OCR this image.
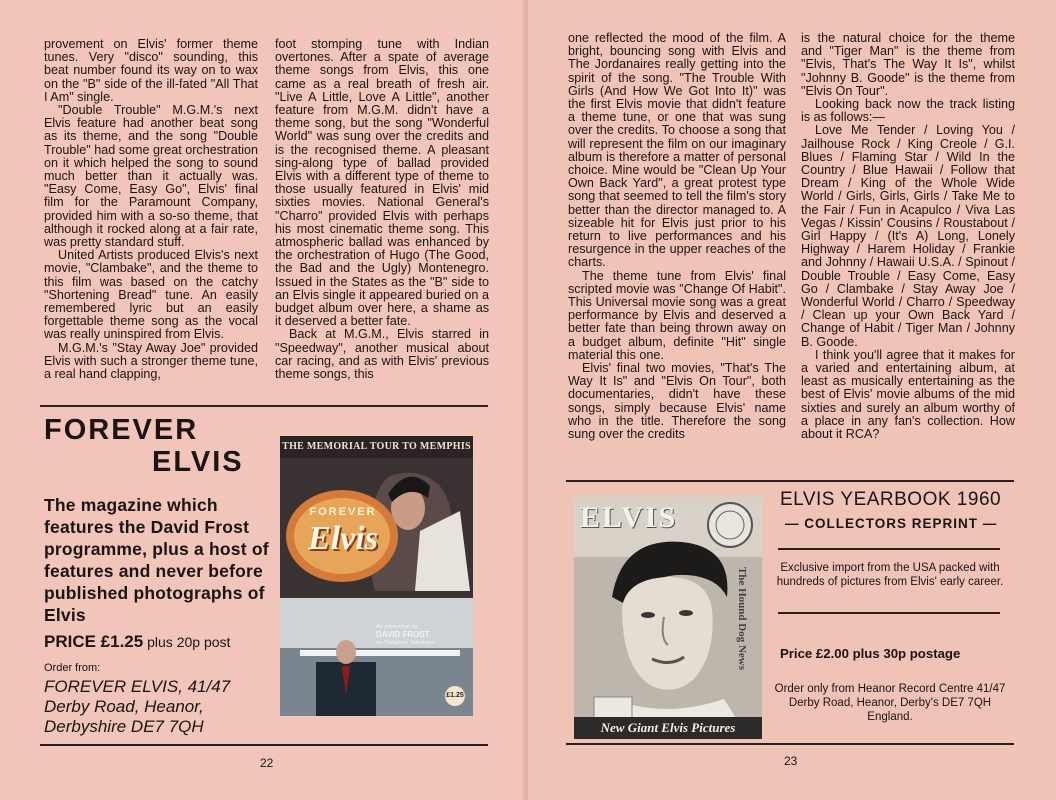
provement on Elvis' former theme tunes. Very "disco" sounding, this beat number found its way on to wax on the "B" side of the ill-fated "All That I Am" single.

"Double Trouble" M.G.M.'s next Elvis feature had another beat song as its theme, and the song "Double Trouble" had some great orchestration on it which helped the song to sound much better than it actually was. "Easy Come, Easy Go", Elvis' final film for the Paramount Company, provided him with a so-so theme, that although it rocked along at a fair rate, was pretty standard stuff.

United Artists produced Elvis's next movie, "Clambake", and the theme to this film was based on the catchy "Shortening Bread" tune. An easily remembered lyric but an easily forgettable theme song as the vocal was really uninspired from Elvis.

M.G.M.'s "Stay Away Joe" provided Elvis with such a stronger theme tune, a real hand clapping,

foot stomping tune with Indian overtones. After a spate of average theme songs from Elvis, this one came as a real breath of fresh air. "Live A Little, Love A Little", another feature from M.G.M. didn't have a theme song, but the song "Wonderful World" was sung over the credits and is the recognised theme. A pleasant sing-along type of ballad provided Elvis with a different type of theme to those usually featured in Elvis' mid sixties movies. National General's "Charro" provided Elvis with perhaps his most cinematic theme song. This atmospheric ballad was enhanced by the orchestration of Hugo (The Good, the Bad and the Ugly) Montenegro. Issued in the States as the "B" side to an Elvis single it appeared buried on a budget album over here, a shame as it deserved a better fate.

Back at M.G.M., Elvis starred in "Speedway", another musical about car racing, and as with Elvis' previous theme songs, this

FOREVER
ELVIS
The magazine which features the David Frost programme, plus a host of features and never before published photographs of Elvis
PRICE £1.25 plus 20p post
Order from:
FOREVER ELVIS, 41/47
Derby Road, Heanor,
Derbyshire DE7 7QH
THE MEMORIAL TOUR TO MEMPHIS
FOREVER
Elvis
As presented by
DAVID FROST
on Yorkshire Television
£1.25
22

one reflected the mood of the film. A bright, bouncing song with Elvis and The Jordanaires really getting into the spirit of the song. "The Trouble With Girls (And How We Got Into It)" was the first Elvis movie that didn't feature a theme tune, or one that was sung over the credits. To choose a song that will represent the film on our imaginary album is therefore a matter of personal choice. Mine would be "Clean Up Your Own Back Yard", a great protest type song that seemed to tell the film's story better than the director managed to. A sizeable hit for Elvis just prior to his return to live performances and his resurgence in the upper reaches of the charts.

The theme tune from Elvis' final scripted movie was "Change Of Habit". This Universal movie song was a great performance by Elvis and deserved a better fate than being thrown away on a budget album, definite "Hit" single material this one.

Elvis' final two movies, "That's The Way It Is" and "Elvis On Tour", both documentaries, didn't have these songs, simply because Elvis' name who in the title. Therefore the song sung over the credits

is the natural choice for the theme and "Tiger Man" is the theme from "Elvis, That's The Way It Is", whilst "Johnny B. Goode" is the theme from "Elvis On Tour".

Looking back now the track listing is as follows:—

Love Me Tender / Loving You / Jailhouse Rock / King Creole / G.I. Blues / Flaming Star / Wild In the Country / Blue Hawaii / Follow that Dream / King of the Whole Wide World / Girls, Girls, Girls / Take Me to the Fair / Fun in Acapulco / Viva Las Vegas / Kissin' Cousins / Roustabout / Girl Happy / (It's A) Long, Lonely Highway / Harem Holiday / Frankie and Johnny / Hawaii U.S.A. / Spinout / Double Trouble / Easy Come, Easy Go / Clambake / Stay Away Joe / Wonderful World / Charro / Speedway / Clean up your Own Back Yard / Change of Habit / Tiger Man / Johnny B. Goode.

I think you'll agree that it makes for a varied and entertaining album, at least as musically entertaining as the best of Elvis' movie albums of the mid sixties and surely an album worthy of a place in any fan's collection. How about it RCA?

23
ELVIS
The Hound Dog News
New Giant Elvis Pictures
ELVIS YEARBOOK 1960
— COLLECTORS REPRINT —
Exclusive import from the USA packed with hundreds of pictures from Elvis' early career.
Price £2.00 plus 30p postage
Order only from Heanor Record Centre 41/47 Derby Road, Heanor, Derby's DE7 7QH England.
